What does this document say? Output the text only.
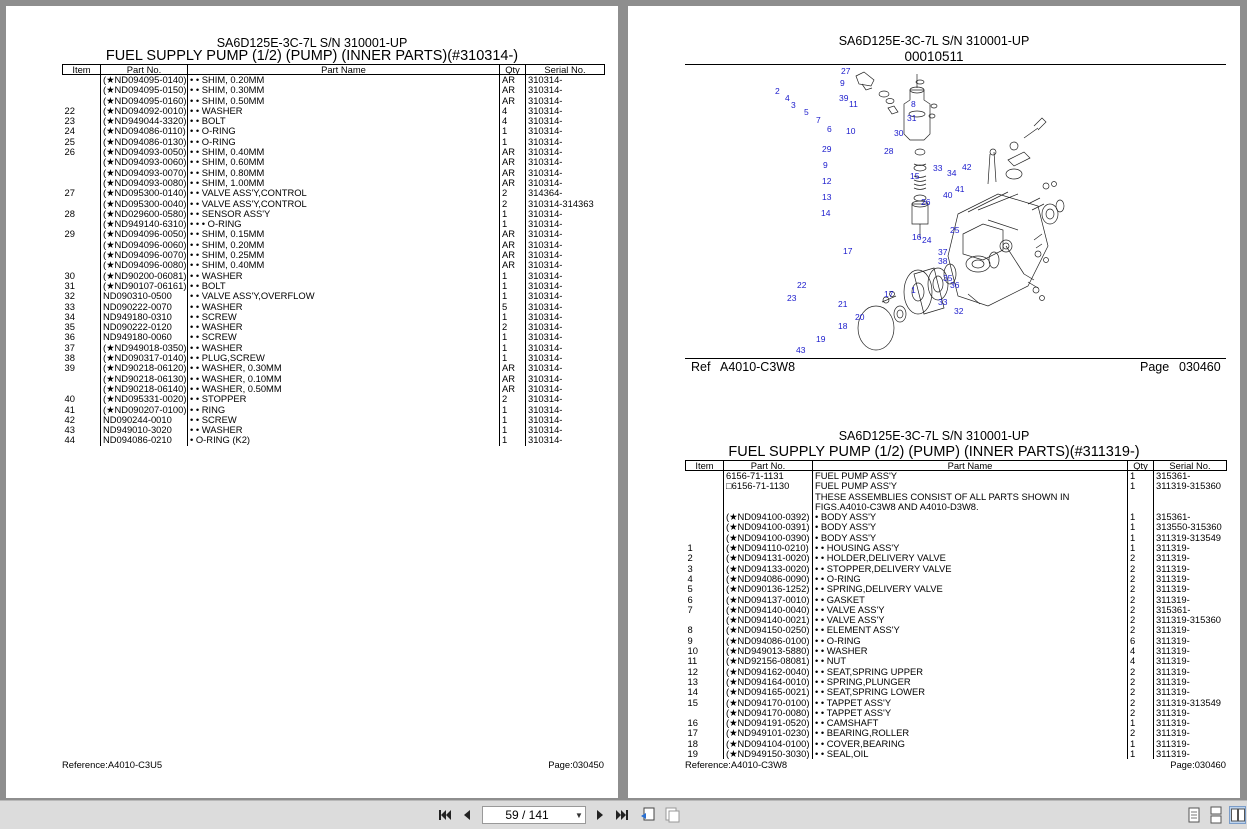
SA6D125E-3C-7L S/N 310001-UP
FUEL SUPPLY PUMP (1/2) (PUMP) (INNER PARTS)(#310314-)
Item	Part No.	Part Name	Qty	Serial No.
	(★ND094095-0140)	• • SHIM, 0.20MM	AR	310314-
	(★ND094095-0150)	• • SHIM, 0.30MM	AR	310314-
	(★ND094095-0160)	• • SHIM, 0.50MM	AR	310314-
22	(★ND094092-0010)	• • WASHER	4	310314-
23	(★ND949044-3320)	• • BOLT	4	310314-
24	(★ND094086-0110)	• • O-RING	1	310314-
25	(★ND094086-0130)	• • O-RING	1	310314-
26	(★ND094093-0050)	• • SHIM, 0.40MM	AR	310314-
	(★ND094093-0060)	• • SHIM, 0.60MM	AR	310314-
	(★ND094093-0070)	• • SHIM, 0.80MM	AR	310314-
	(★ND094093-0080)	• • SHIM, 1.00MM	AR	310314-
27	(★ND095300-0140)	• • VALVE ASS'Y,CONTROL	2	314364-
	(★ND095300-0040)	• • VALVE ASS'Y,CONTROL	2	310314-314363
28	(★ND029600-0580)	• • SENSOR ASS'Y	1	310314-
	(★ND949140-6310)	• • • O-RING	1	310314-
29	(★ND094096-0050)	• • SHIM, 0.15MM	AR	310314-
	(★ND094096-0060)	• • SHIM, 0.20MM	AR	310314-
	(★ND094096-0070)	• • SHIM, 0.25MM	AR	310314-
	(★ND094096-0080)	• • SHIM, 0.40MM	AR	310314-
30	(★ND90200-06081)	• • WASHER	1	310314-
31	(★ND90107-06161)	• • BOLT	1	310314-
32	ND090310-0500	• • VALVE ASS'Y,OVERFLOW	1	310314-
33	ND090222-0070	• • WASHER	5	310314-
34	ND949180-0310	• • SCREW	1	310314-
35	ND090222-0120	• • WASHER	2	310314-
36	ND949180-0060	• • SCREW	1	310314-
37	(★ND949018-0350)	• • WASHER	1	310314-
38	(★ND090317-0140)	• • PLUG,SCREW	1	310314-
39	(★ND90218-06120)	• • WASHER, 0.30MM	AR	310314-
	(★ND90218-06130)	• • WASHER, 0.10MM	AR	310314-
	(★ND90218-06140)	• • WASHER, 0.50MM	AR	310314-
40	(★ND095331-0020)	• • STOPPER	2	310314-
41	(★ND090207-0100)	• • RING	1	310314-
42	ND090244-0010	• • SCREW	1	310314-
43	ND949010-3020	• • WASHER	1	310314-
44	ND094086-0210	• O-RING (K2)	1	310314-
Reference:A4010-C3U5	Page:030450
SA6D125E-3C-7L S/N 310001-UP
00010511
27
2
4
3
9
39
11
5
7
6 10
8
31
30
28
29
9
12
13
14
15
33 34
42
41
40
26
24
25
17
16
37
38
22
23
20
21
17 1
35
36
33
32
18
19
43
Ref A4010-C3W8	Page 030460
SA6D125E-3C-7L S/N 310001-UP
FUEL SUPPLY PUMP (1/2) (PUMP) (INNER PARTS)(#311319-)
Item	Part No.	Part Name	Qty	Serial No.
	6156-71-1131	FUEL PUMP ASS'Y	1	315361-
	□6156-71-1130	FUEL PUMP ASS'Y	1	311319-315360
		THESE ASSEMBLIES CONSIST OF ALL PARTS SHOWN IN		
		FIGS.A4010-C3W8 AND A4010-D3W8.		
	(★ND094100-0392)	• BODY ASS'Y	1	315361-
	(★ND094100-0391)	• BODY ASS'Y	1	313550-315360
	(★ND094100-0390)	• BODY ASS'Y	1	311319-313549
1	(★ND094110-0210)	• • HOUSING ASS'Y	1	311319-
2	(★ND094131-0020)	• • HOLDER,DELIVERY VALVE	2	311319-
3	(★ND094133-0020)	• • STOPPER,DELIVERY VALVE	2	311319-
4	(★ND094086-0090)	• • O-RING	2	311319-
5	(★ND090136-1252)	• • SPRING,DELIVERY VALVE	2	311319-
6	(★ND094137-0010)	• • GASKET	2	311319-
7	(★ND094140-0040)	• • VALVE ASS'Y	2	315361-
	(★ND094140-0021)	• • VALVE ASS'Y	2	311319-315360
8	(★ND094150-0250)	• • ELEMENT ASS'Y	2	311319-
9	(★ND094086-0100)	• • O-RING	6	311319-
10	(★ND949013-5880)	• • WASHER	4	311319-
11	(★ND92156-08081)	• • NUT	4	311319-
12	(★ND094162-0040)	• • SEAT,SPRING UPPER	2	311319-
13	(★ND094164-0010)	• • SPRING,PLUNGER	2	311319-
14	(★ND094165-0021)	• • SEAT,SPRING LOWER	2	311319-
15	(★ND094170-0100)	• • TAPPET ASS'Y	2	311319-313549
	(★ND094170-0080)	• • TAPPET ASS'Y	2	311319-
16	(★ND094191-0520)	• • CAMSHAFT	1	311319-
17	(★ND949101-0230)	• • BEARING,ROLLER	2	311319-
18	(★ND094104-0100)	• • COVER,BEARING	1	311319-
19	(★ND949150-3030)	• • SEAL,OIL	1	311319-
Reference:A4010-C3W8	Page:030460
59 / 141
▼
